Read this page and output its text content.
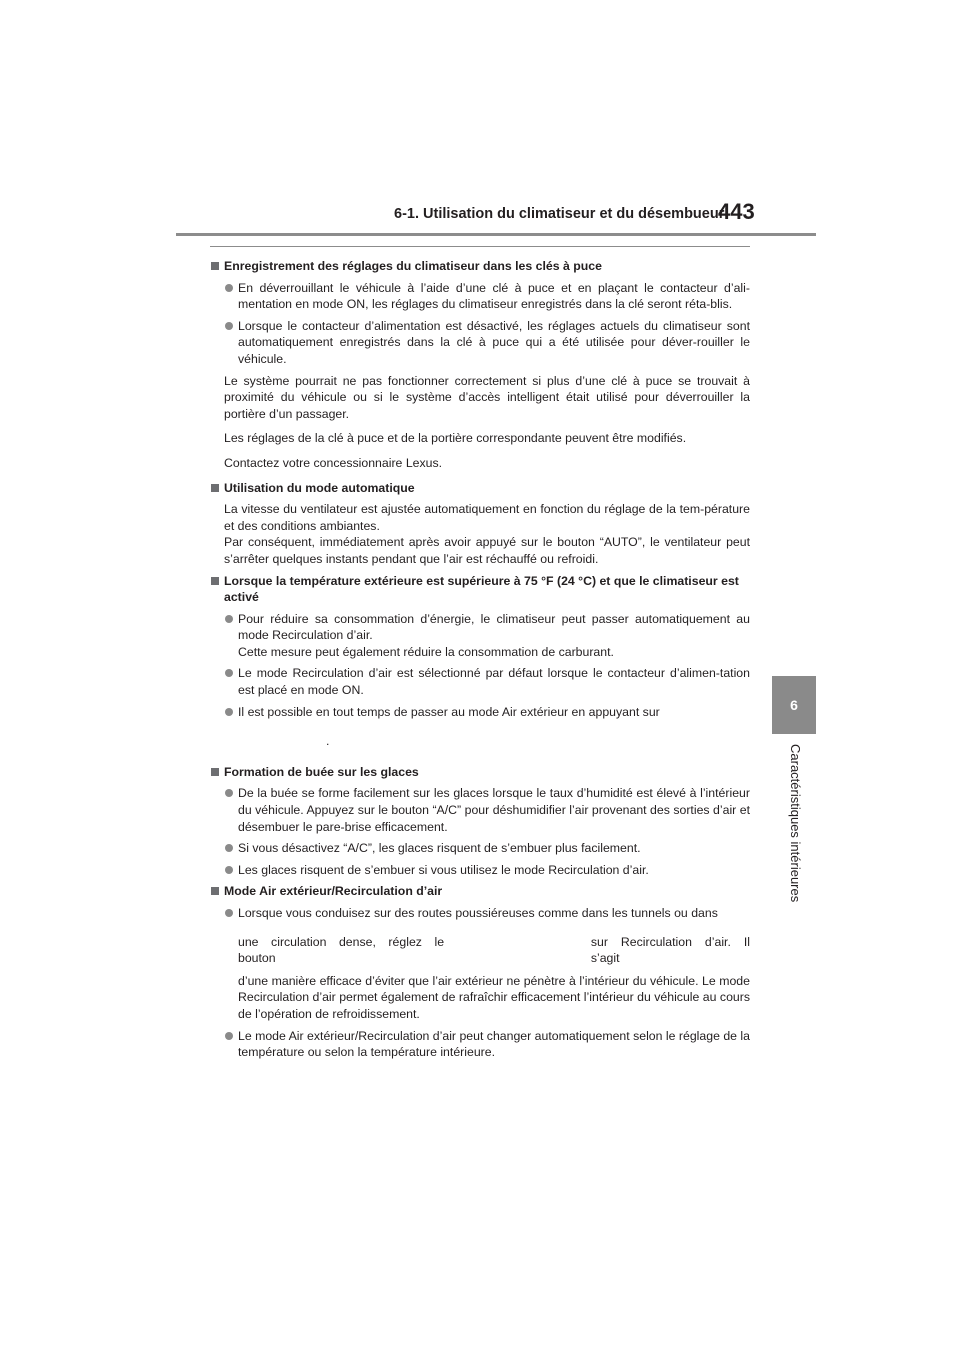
6-1. Utilisation du climatiseur et du désembueur
443
6
Caractéristiques intérieures
Enregistrement des réglages du climatiseur dans les clés à puce
En déverrouillant le véhicule à l’aide d’une clé à puce et en plaçant le contacteur d’ali-mentation en mode ON, les réglages du climatiseur enregistrés dans la clé seront réta-blis.
Lorsque le contacteur d’alimentation est désactivé, les réglages actuels du climatiseur sont automatiquement enregistrés dans la clé à puce qui a été utilisée pour déver-rouiller le véhicule.
Le système pourrait ne pas fonctionner correctement si plus d’une clé à puce se trouvait à proximité du véhicule ou si le système d’accès intelligent était utilisé pour déverrouiller la portière d’un passager.
Les réglages de la clé à puce et de la portière correspondante peuvent être modifiés.
Contactez votre concessionnaire Lexus.
Utilisation du mode automatique
La vitesse du ventilateur est ajustée automatiquement en fonction du réglage de la tem-pérature et des conditions ambiantes.
Par conséquent, immédiatement après avoir appuyé sur le bouton “AUTO”, le ventilateur peut s’arrêter quelques instants pendant que l’air est réchauffé ou refroidi.
Lorsque la température extérieure est supérieure à 75 °F (24 °C) et que le climatiseur est activé
Pour réduire sa consommation d’énergie, le climatiseur peut passer automatiquement au mode Recirculation d’air.
Cette mesure peut également réduire la consommation de carburant.
Le mode Recirculation d’air est sélectionné par défaut lorsque le contacteur d’alimen-tation est placé en mode ON.
Il est possible en tout temps de passer au mode Air extérieur en appuyant sur
.
Formation de buée sur les glaces
De la buée se forme facilement sur les glaces lorsque le taux d’humidité est élevé à l’intérieur du véhicule. Appuyez sur le bouton “A/C” pour déshumidifier l’air provenant des sorties d’air et désembuer le pare-brise efficacement.
Si vous désactivez “A/C”, les glaces risquent de s’embuer plus facilement.
Les glaces risquent de s’embuer si vous utilisez le mode Recirculation d’air.
Mode Air extérieur/Recirculation d’air
Lorsque vous conduisez sur des routes poussiéreuses comme dans les tunnels ou dans
une circulation dense, réglez le bouton
sur Recirculation d’air. Il s’agit
d’une manière efficace d’éviter que l’air extérieur ne pénètre à l’intérieur du véhicule. Le mode Recirculation d’air permet également de rafraîchir efficacement l’intérieur du véhicule au cours de l’opération de refroidissement.
Le mode Air extérieur/Recirculation d’air peut changer automatiquement selon le réglage de la température ou selon la température intérieure.
